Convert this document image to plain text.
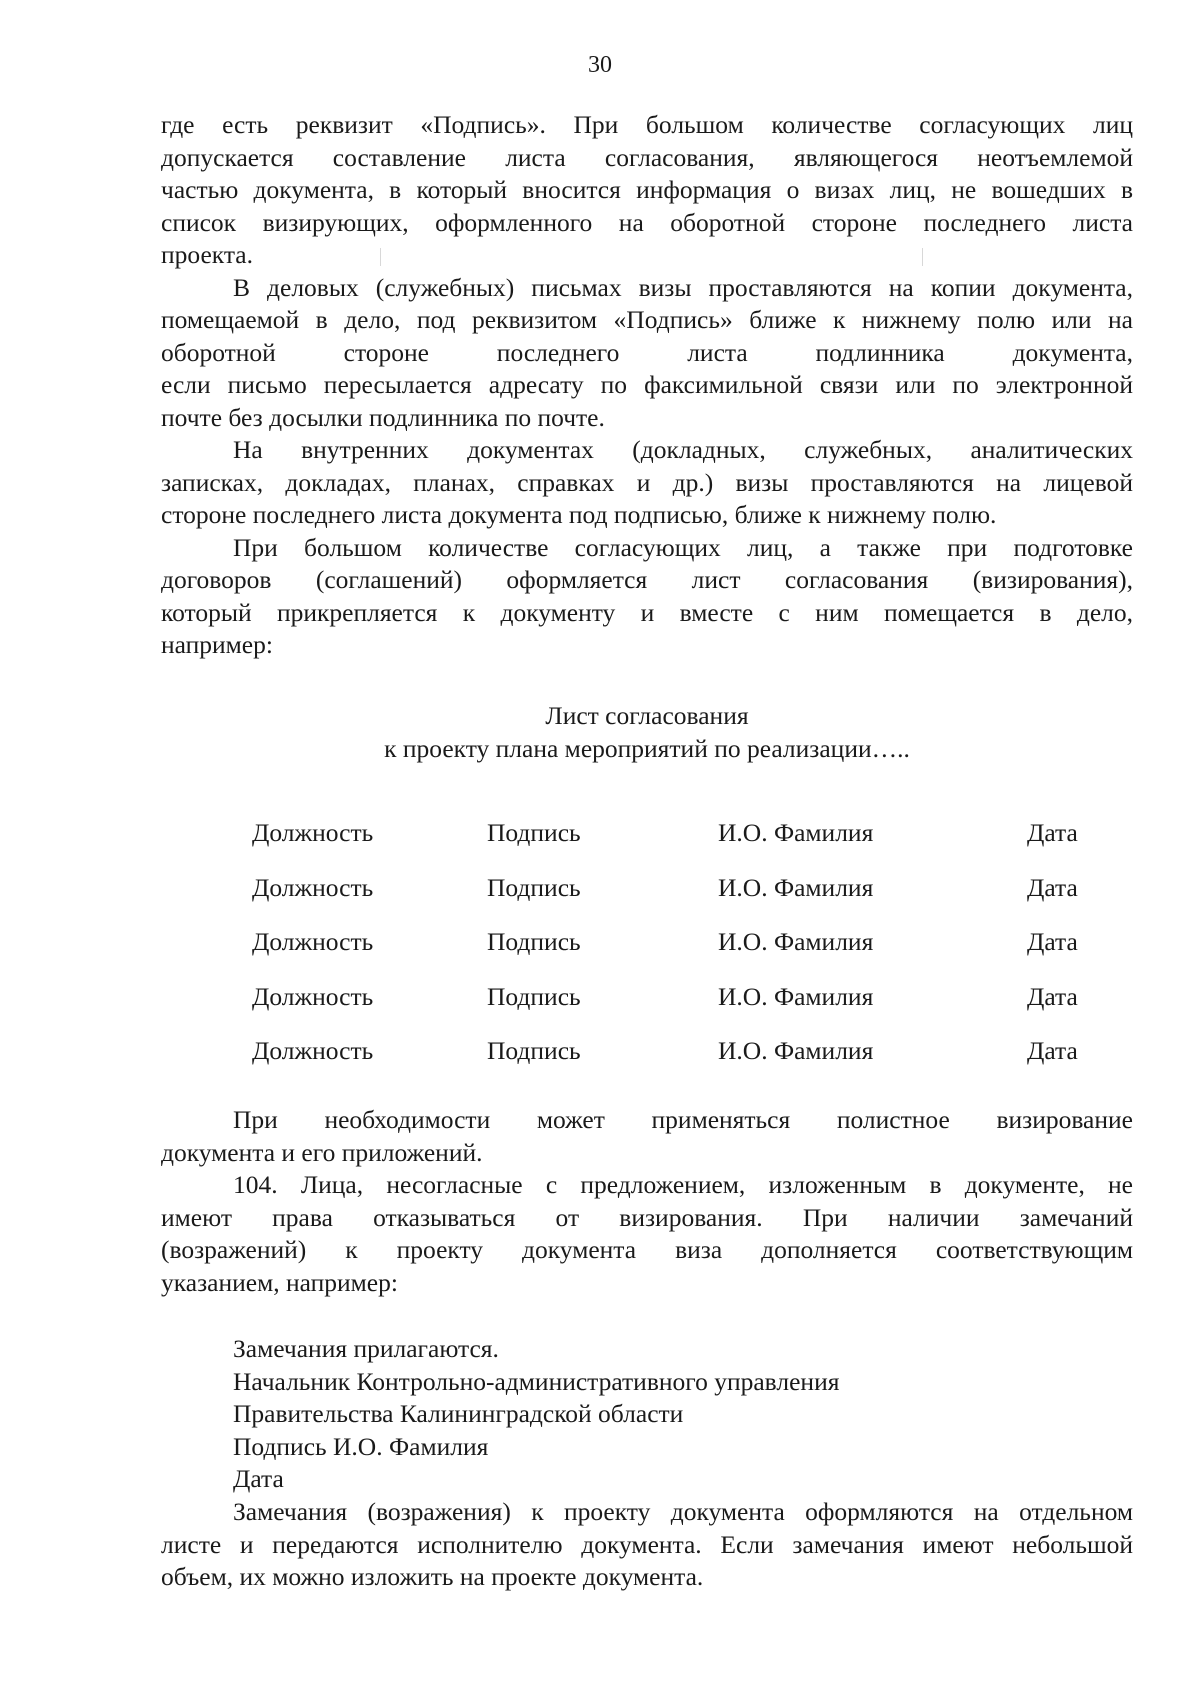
30
где есть реквизит «Подпись». При большом количестве согласующих лиц
допускается составление листа согласования, являющегося неотъемлемой
частью документа, в который вносится информация о визах лиц, не вошедших в
список визирующих, оформленного на оборотной стороне последнего листа
проекта.
В деловых (служебных) письмах визы проставляются на копии документа,
помещаемой в дело, под реквизитом «Подпись» ближе к нижнему полю или на
оборотной стороне последнего листа подлинника документа,
если письмо пересылается адресату по факсимильной связи или по электронной
почте без досылки подлинника по почте.
На внутренних документах (докладных, служебных, аналитических
записках, докладах, планах, справках и др.) визы проставляются на лицевой
стороне последнего листа документа под подписью, ближе к нижнему полю.
При большом количестве согласующих лиц, а также при подготовке
договоров (соглашений) оформляется лист согласования (визирования),
который прикрепляется к документу и вместе с ним помещается в дело,
например:
Лист согласования
к проекту плана мероприятий по реализации…..
Должность	Подпись	И.О. Фамилия	Дата
Должность	Подпись	И.О. Фамилия	Дата
Должность	Подпись	И.О. Фамилия	Дата
Должность	Подпись	И.О. Фамилия	Дата
Должность	Подпись	И.О. Фамилия	Дата
При необходимости может применяться полистное визирование
документа и его приложений.
104. Лица, несогласные с предложением, изложенным в документе, не
имеют права отказываться от визирования. При наличии замечаний
(возражений) к проекту документа виза дополняется соответствующим
указанием, например:
Замечания прилагаются.
Начальник Контрольно-административного управления
Правительства Калининградской области
Подпись И.О. Фамилия
Дата
Замечания (возражения) к проекту документа оформляются на отдельном
листе и передаются исполнителю документа. Если замечания имеют небольшой
объем, их можно изложить на проекте документа.
